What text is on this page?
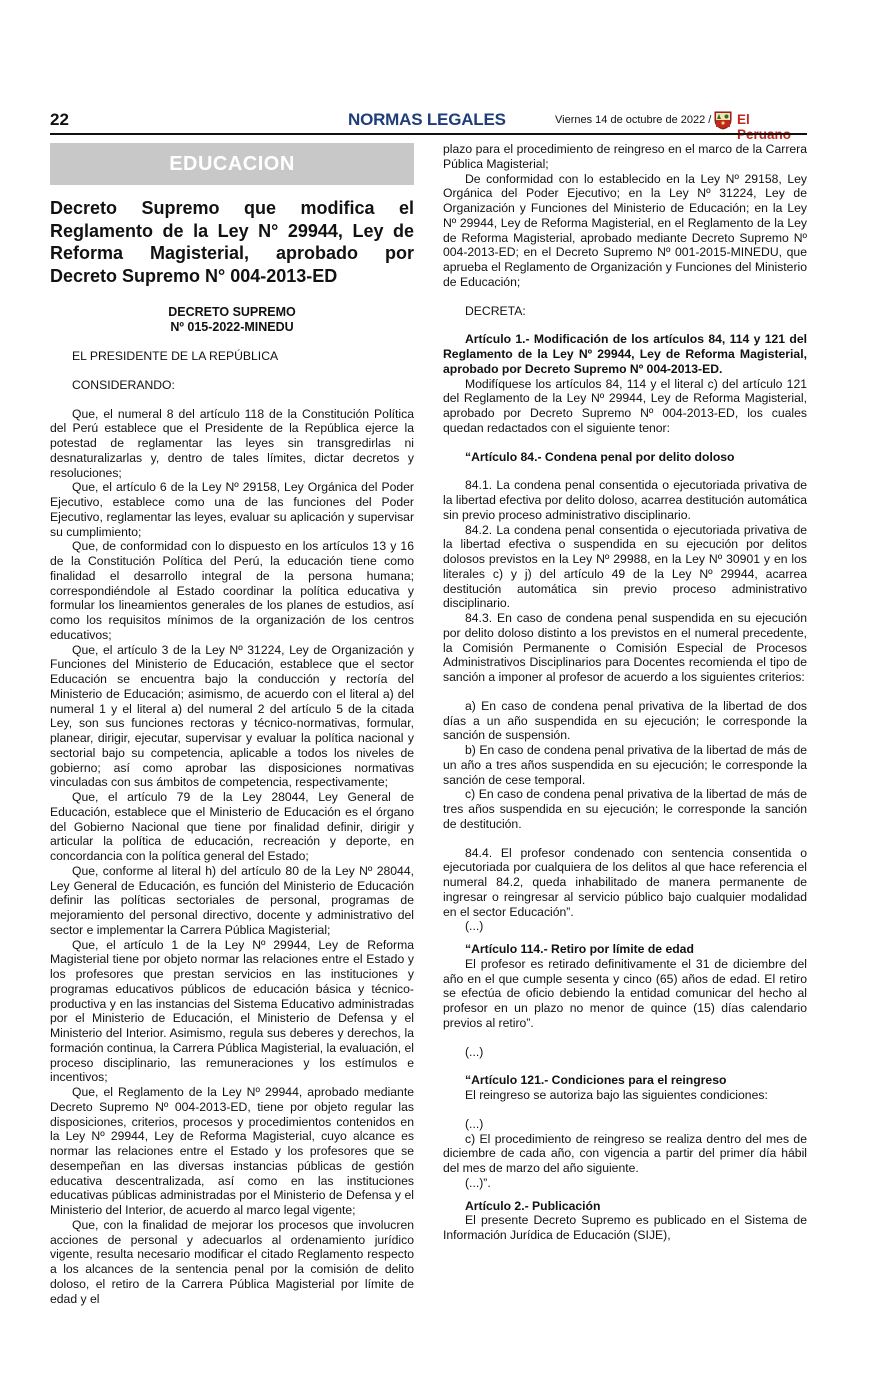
22	NORMAS LEGALES	Viernes 14 de octubre de 2022 / El Peruano
EDUCACION
Decreto Supremo que modifica el Reglamento de la Ley N° 29944, Ley de Reforma Magisterial, aprobado por Decreto Supremo N° 004-2013-ED
DECRETO SUPREMO
Nº 015-2022-MINEDU

EL PRESIDENTE DE LA REPÚBLICA

CONSIDERANDO:

Que, el numeral 8 del artículo 118 de la Constitución Política del Perú establece que el Presidente de la República ejerce la potestad de reglamentar las leyes sin transgredirlas ni desnaturalizarlas y, dentro de tales límites, dictar decretos y resoluciones;

Que, el artículo 6 de la Ley Nº 29158, Ley Orgánica del Poder Ejecutivo, establece como una de las funciones del Poder Ejecutivo, reglamentar las leyes, evaluar su aplicación y supervisar su cumplimiento;

Que, de conformidad con lo dispuesto en los artículos 13 y 16 de la Constitución Política del Perú, la educación tiene como finalidad el desarrollo integral de la persona humana; correspondiéndole al Estado coordinar la política educativa y formular los lineamientos generales de los planes de estudios, así como los requisitos mínimos de la organización de los centros educativos;

Que, el artículo 3 de la Ley Nº 31224, Ley de Organización y Funciones del Ministerio de Educación, establece que el sector Educación se encuentra bajo la conducción y rectoría del Ministerio de Educación; asimismo, de acuerdo con el literal a) del numeral 1 y el literal a) del numeral 2 del artículo 5 de la citada Ley, son sus funciones rectoras y técnico-normativas, formular, planear, dirigir, ejecutar, supervisar y evaluar la política nacional y sectorial bajo su competencia, aplicable a todos los niveles de gobierno; así como aprobar las disposiciones normativas vinculadas con sus ámbitos de competencia, respectivamente;

Que, el artículo 79 de la Ley 28044, Ley General de Educación, establece que el Ministerio de Educación es el órgano del Gobierno Nacional que tiene por finalidad definir, dirigir y articular la política de educación, recreación y deporte, en concordancia con la política general del Estado;

Que, conforme al literal h) del artículo 80 de la Ley Nº 28044, Ley General de Educación, es función del Ministerio de Educación definir las políticas sectoriales de personal, programas de mejoramiento del personal directivo, docente y administrativo del sector e implementar la Carrera Pública Magisterial;

Que, el artículo 1 de la Ley Nº 29944, Ley de Reforma Magisterial tiene por objeto normar las relaciones entre el Estado y los profesores que prestan servicios en las instituciones y programas educativos públicos de educación básica y técnico-productiva y en las instancias del Sistema Educativo administradas por el Ministerio de Educación, el Ministerio de Defensa y el Ministerio del Interior. Asimismo, regula sus deberes y derechos, la formación continua, la Carrera Pública Magisterial, la evaluación, el proceso disciplinario, las remuneraciones y los estímulos e incentivos;

Que, el Reglamento de la Ley Nº 29944, aprobado mediante Decreto Supremo Nº 004-2013-ED, tiene por objeto regular las disposiciones, criterios, procesos y procedimientos contenidos en la Ley Nº 29944, Ley de Reforma Magisterial, cuyo alcance es normar las relaciones entre el Estado y los profesores que se desempeñan en las diversas instancias públicas de gestión educativa descentralizada, así como en las instituciones educativas públicas administradas por el Ministerio de Defensa y el Ministerio del Interior, de acuerdo al marco legal vigente;

Que, con la finalidad de mejorar los procesos que involucren acciones de personal y adecuarlos al ordenamiento jurídico vigente, resulta necesario modificar el citado Reglamento respecto a los alcances de la sentencia penal por la comisión de delito doloso, el retiro de la Carrera Pública Magisterial por límite de edad y el

plazo para el procedimiento de reingreso en el marco de la Carrera Pública Magisterial;

De conformidad con lo establecido en la Ley Nº 29158, Ley Orgánica del Poder Ejecutivo; en la Ley Nº 31224, Ley de Organización y Funciones del Ministerio de Educación; en la Ley Nº 29944, Ley de Reforma Magisterial, en el Reglamento de la Ley de Reforma Magisterial, aprobado mediante Decreto Supremo Nº 004-2013-ED; en el Decreto Supremo Nº 001-2015-MINEDU, que aprueba el Reglamento de Organización y Funciones del Ministerio de Educación;

DECRETA:

Artículo 1.- Modificación de los artículos 84, 114 y 121 del Reglamento de la Ley Nº 29944, Ley de Reforma Magisterial, aprobado por Decreto Supremo Nº 004-2013-ED.

Modifíquese los artículos 84, 114 y el literal c) del artículo 121 del Reglamento de la Ley Nº 29944, Ley de Reforma Magisterial, aprobado por Decreto Supremo Nº 004-2013-ED, los cuales quedan redactados con el siguiente tenor:

“Artículo 84.- Condena penal por delito doloso

84.1. La condena penal consentida o ejecutoriada privativa de la libertad efectiva por delito doloso, acarrea destitución automática sin previo proceso administrativo disciplinario.

84.2. La condena penal consentida o ejecutoriada privativa de la libertad efectiva o suspendida en su ejecución por delitos dolosos previstos en la Ley Nº 29988, en la Ley Nº 30901 y en los literales c) y j) del artículo 49 de la Ley Nº 29944, acarrea destitución automática sin previo proceso administrativo disciplinario.

84.3. En caso de condena penal suspendida en su ejecución por delito doloso distinto a los previstos en el numeral precedente, la Comisión Permanente o Comisión Especial de Procesos Administrativos Disciplinarios para Docentes recomienda el tipo de sanción a imponer al profesor de acuerdo a los siguientes criterios:

a) En caso de condena penal privativa de la libertad de dos días a un año suspendida en su ejecución; le corresponde la sanción de suspensión.

b) En caso de condena penal privativa de la libertad de más de un año a tres años suspendida en su ejecución; le corresponde la sanción de cese temporal.

c) En caso de condena penal privativa de la libertad de más de tres años suspendida en su ejecución; le corresponde la sanción de destitución.

84.4. El profesor condenado con sentencia consentida o ejecutoriada por cualquiera de los delitos al que hace referencia el numeral 84.2, queda inhabilitado de manera permanente de ingresar o reingresar al servicio público bajo cualquier modalidad en el sector Educación”.

(...)

“Artículo 114.- Retiro por límite de edad

El profesor es retirado definitivamente el 31 de diciembre del año en el que cumple sesenta y cinco (65) años de edad. El retiro se efectúa de oficio debiendo la entidad comunicar del hecho al profesor en un plazo no menor de quince (15) días calendario previos al retiro”.

(...)

“Artículo 121.- Condiciones para el reingreso

El reingreso se autoriza bajo las siguientes condiciones:

(...)

c) El procedimiento de reingreso se realiza dentro del mes de diciembre de cada año, con vigencia a partir del primer día hábil del mes de marzo del año siguiente.

(...)”.

Artículo 2.- Publicación

El presente Decreto Supremo es publicado en el Sistema de Información Jurídica de Educación (SIJE),
